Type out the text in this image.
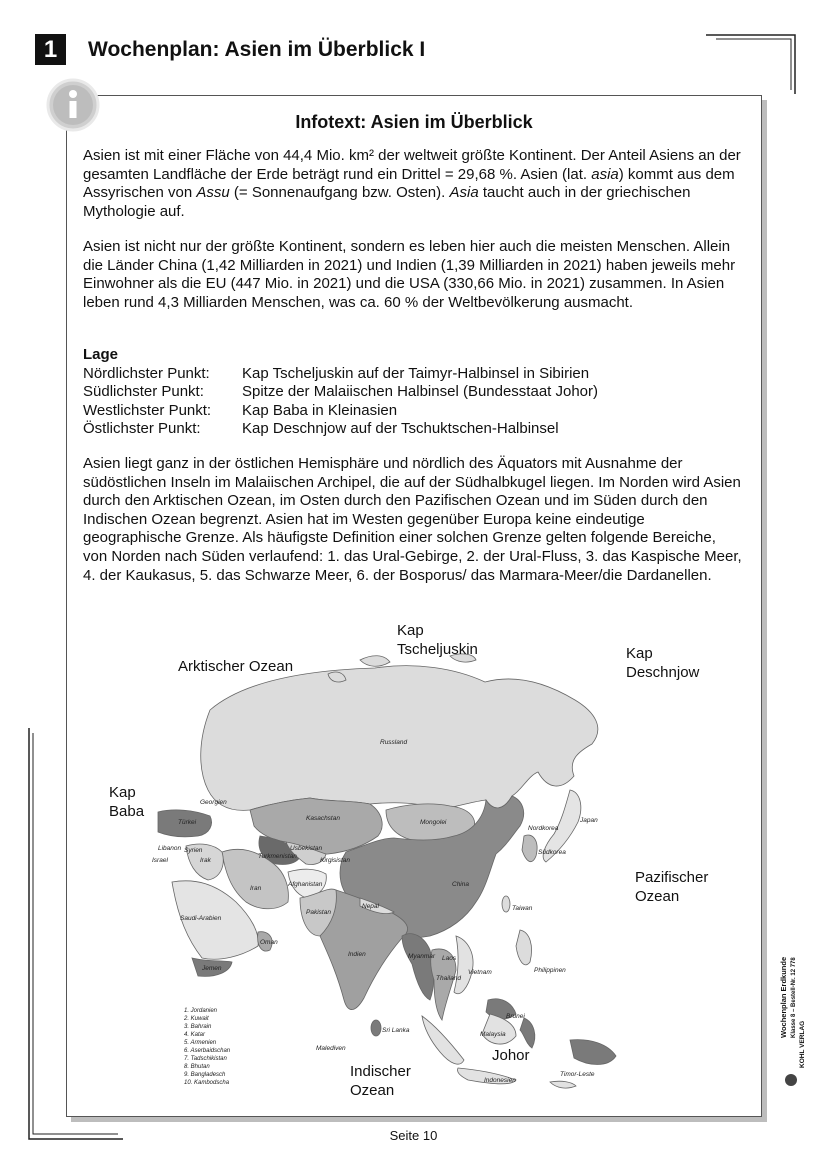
1	Wochenplan: Asien im Überblick I
Infotext: Asien im Überblick

Asien ist mit einer Fläche von 44,4 Mio. km² der weltweit größte Kontinent. Der Anteil Asiens an der gesamten Landfläche der Erde beträgt rund ein Drittel = 29,68 %. Asien (lat. asia) kommt aus dem Assyrischen von Assu (= Sonnenaufgang bzw. Osten). Asia taucht auch in der griechischen Mythologie auf.

Asien ist nicht nur der größte Kontinent, sondern es leben hier auch die meisten Menschen. Allein die Länder China (1,42 Milliarden in 2021) und Indien (1,39 Milliarden in 2021) haben jeweils mehr Einwohner als die EU (447 Mio. in 2021) und die USA (330,66 Mio. in 2021) zusammen. In Asien leben rund 4,3 Milliarden Menschen, was ca. 60 % der Weltbevölkerung ausmacht.

Lage
Nördlichster Punkt:	Kap Tscheljuskin auf der Taimyr-Halbinsel in Sibirien
Südlichster Punkt:	Spitze der Malaiischen Halbinsel (Bundesstaat Johor)
Westlichster Punkt:	Kap Baba in Kleinasien
Östlichster Punkt:	Kap Deschnjow auf der Tschuktschen-Halbinsel

Asien liegt ganz in der östlichen Hemisphäre und nördlich des Äquators mit Ausnahme der südöstlichen Inseln im Malaiischen Archipel, die auf der Südhalbkugel liegen. Im Norden wird Asien durch den Arktischen Ozean, im Osten durch den Pazifischen Ozean und im Süden durch den Indischen Ozean begrenzt. Asien hat im Westen gegenüber Europa keine eindeutige geographische Grenze. Als häufigste Definition einer solchen Grenze gelten folgende Bereiche, von Norden nach Süden verlaufend: 1. das Ural-Gebirge, 2. der Ural-Fluss, 3. das Kaspische Meer, 4. der Kaukasus, 5. das Schwarze Meer, 6. der Bosporus/ das Marmara-Meer/die Dardanellen.

Russland
Kasachstan
Mongolei
China
Türkei
Georgien
Usbekistan
Kirgisistan
Turkmenistan
Iran
Irak
Syrien
Libanon
Israel
Afghanistan
Pakistan
Saudi-Arabien
Jemen
Oman
Nepal
Indien	Myanmar Laos
Thailand
Vietnam	Philippinen
Malaysia
Brunei
Indonesien
Timor-Leste
Sri Lanka
Malediven
Japan
Nordkorea
Südkorea
Taiwan
1. Jordanien
2. Kuwait
3. Bahrain
4. Katar
5. Armenien
6. Aserbaidschan
7. Tadschikistan
8. Bhutan
9. Bangladesch
10. Kambodscha
Kap Tscheljuskin
Arktischer Ozean
Kap Deschnjow
Kap Baba
Pazifischer Ozean
Indischer Ozean
Johor
Wochenplan Erdkunde Klasse 8 – Bestell-Nr. 12 778
KOHL VERLAG
Seite 10
